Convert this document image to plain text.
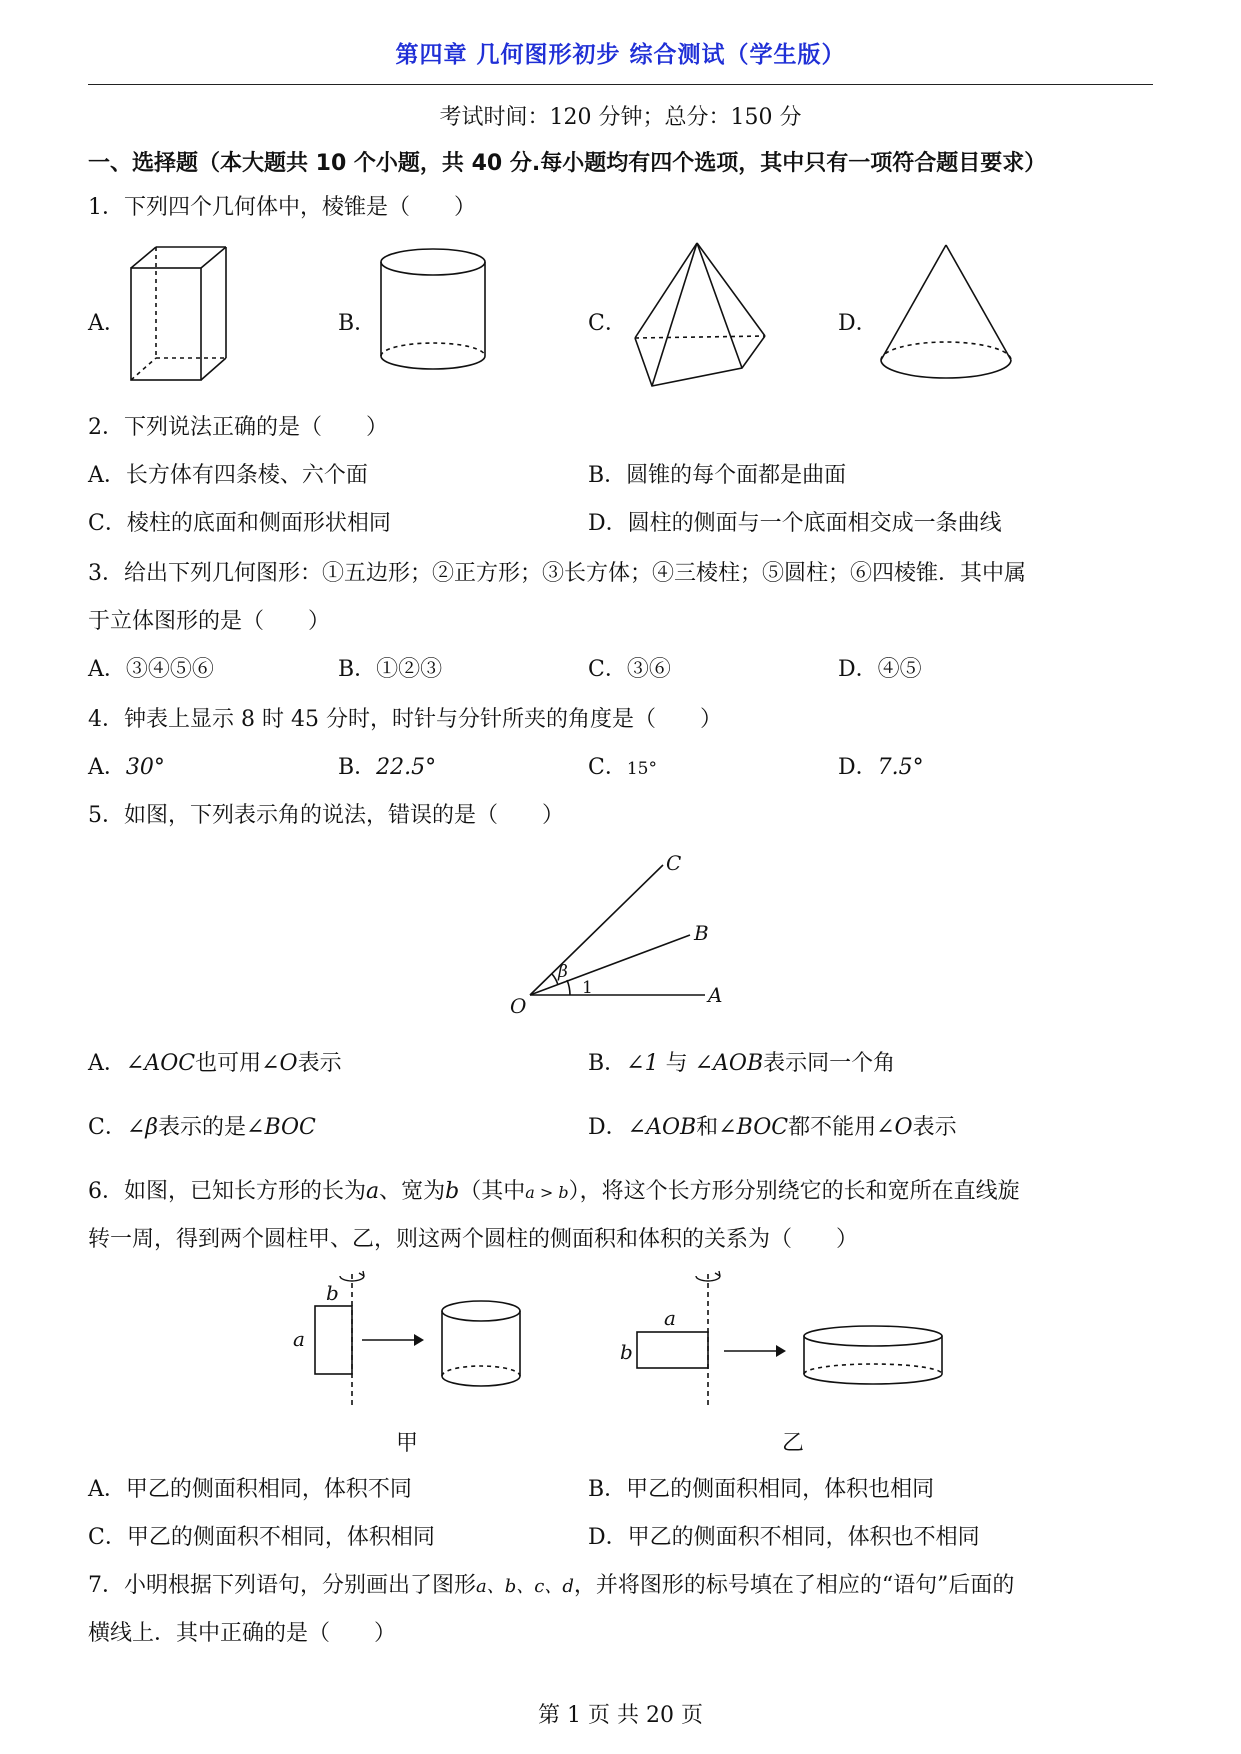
第四章 几何图形初步 综合测试（学生版）
考试时间：120 分钟；总分：150 分
一、选择题（本大题共 10 个小题，共 40 分.每小题均有四个选项，其中只有一项符合题目要求）
1．下列四个几何体中，棱锥是（　　）
A．	B．	C．	D．
2．下列说法正确的是（　　）
A．长方体有四条棱、六个面	B．圆锥的每个面都是曲面
C．棱柱的底面和侧面形状相同	D．圆柱的侧面与一个底面相交成一条曲线
3．给出下列几何图形：①五边形；②正方形；③长方体；④三棱柱；⑤圆柱；⑥四棱锥．其中属
于立体图形的是（　　）
A．③④⑤⑥	B．①②③	C．③⑥	D．④⑤
4．钟表上显示 8 时 45 分时，时针与分针所夹的角度是（　　）
A．30°	B．22.5°	C．15°	D．7.5°
5．如图，下列表示角的说法，错误的是（　　）
O	A
B
C
β
1
A．∠AOC也可用∠O表示	B．∠1 与 ∠AOB表示同一个角
C．∠β表示的是∠BOC	D．∠AOB和∠BOC都不能用∠O表示
6．如图，已知长方形的长为a、宽为b（其中a > b），将这个长方形分别绕它的长和宽所在直线旋
转一周，得到两个圆柱甲、乙，则这两个圆柱的侧面积和体积的关系为（　　）
b
a
a
b
甲	乙
A．甲乙的侧面积相同，体积不同	B．甲乙的侧面积相同，体积也相同
C．甲乙的侧面积不相同，体积相同	D．甲乙的侧面积不相同，体积也不相同
7．小明根据下列语句，分别画出了图形a、b、c、d，并将图形的标号填在了相应的“语句”后面的
横线上．其中正确的是（　　）
第 1 页 共 20 页
